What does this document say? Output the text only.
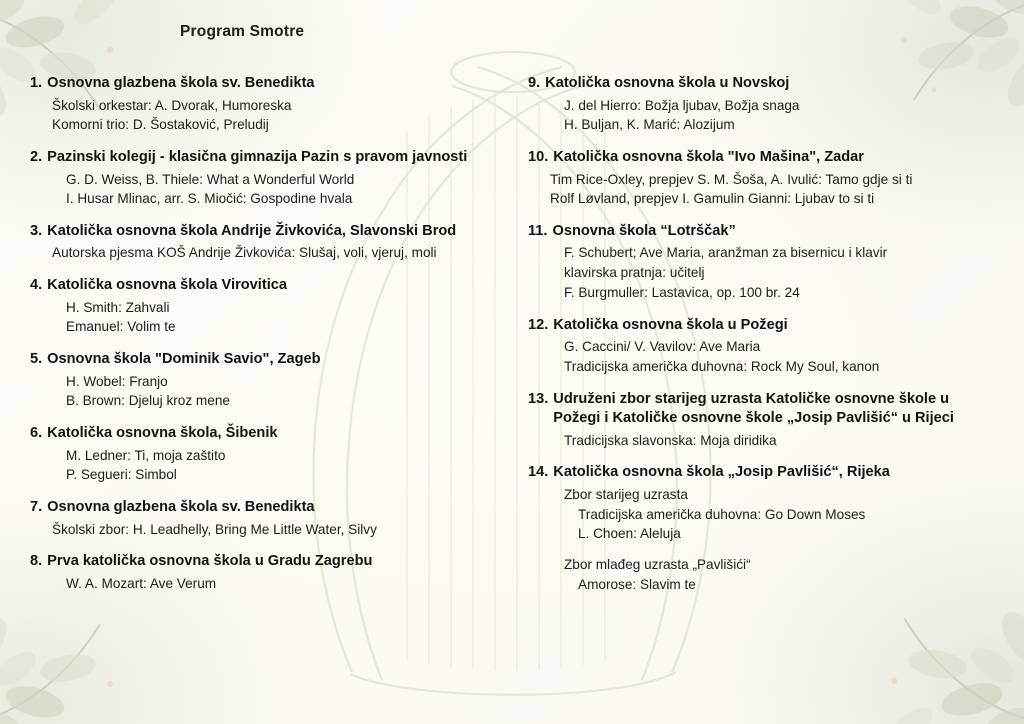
Program Smotre
1. Osnovna glazbena škola sv. Benedikta
Školski orkestar: A. Dvorak, Humoreska
Komorni trio: D. Šostaković, Preludij
2. Pazinski kolegij - klasična gimnazija Pazin s pravom javnosti
G. D. Weiss, B. Thiele: What a Wonderful World
I. Husar Mlinac, arr. S. Miočić: Gospodine hvala
3. Katolička osnovna škola Andrije Živkovića, Slavonski Brod
Autorska pjesma KOŠ Andrije Živkovića: Slušaj, voli, vjeruj, moli
4. Katolička osnovna škola Virovitica
H. Smith: Zahvali
Emanuel: Volim te
5. Osnovna škola "Dominik Savio", Zageb
H. Wobel: Franjo
B. Brown: Djeluj kroz mene
6. Katolička osnovna škola, Šibenik
M. Ledner: Ti, moja zaštito
P. Segueri: Simbol
7. Osnovna glazbena škola sv. Benedikta
Školski zbor: H. Leadhelly, Bring Me Little Water, Silvy
8. Prva katolička osnovna škola u Gradu Zagrebu
W. A. Mozart: Ave Verum
9. Katolička osnovna škola u Novskoj
J. del Hierro: Božja ljubav, Božja snaga
H. Buljan, K. Marić: Alozijum
10. Katolička osnovna škola "Ivo Mašina", Zadar
Tim Rice-Oxley, prepjev S. M. Šoša, A. Ivulić: Tamo gdje si ti
Rolf Løvland, prepjev I. Gamulin Gianni: Ljubav to si ti
11. Osnovna škola “Lotrščak”
F. Schubert; Ave Maria, aranžman za bisernicu i klavir
klavirska pratnja: učitelj
F. Burgmuller: Lastavica, op. 100 br. 24
12. Katolička osnovna škola u Požegi
G. Caccini/ V. Vavilov: Ave Maria
Tradicijska američka duhovna: Rock My Soul, kanon
13. Udruženi zbor starijeg uzrasta Katoličke osnovne škole u Požegi i Katoličke osnovne škole „Josip Pavlišić“ u Rijeci
Tradicijska slavonska: Moja diridika
14. Katolička osnovna škola „Josip Pavlišić“, Rijeka
Zbor starijeg uzrasta
Tradicijska američka duhovna: Go Down Moses
L. Choen: Aleluja
Zbor mlađeg uzrasta „Pavlišići“
Amorose: Slavim te
